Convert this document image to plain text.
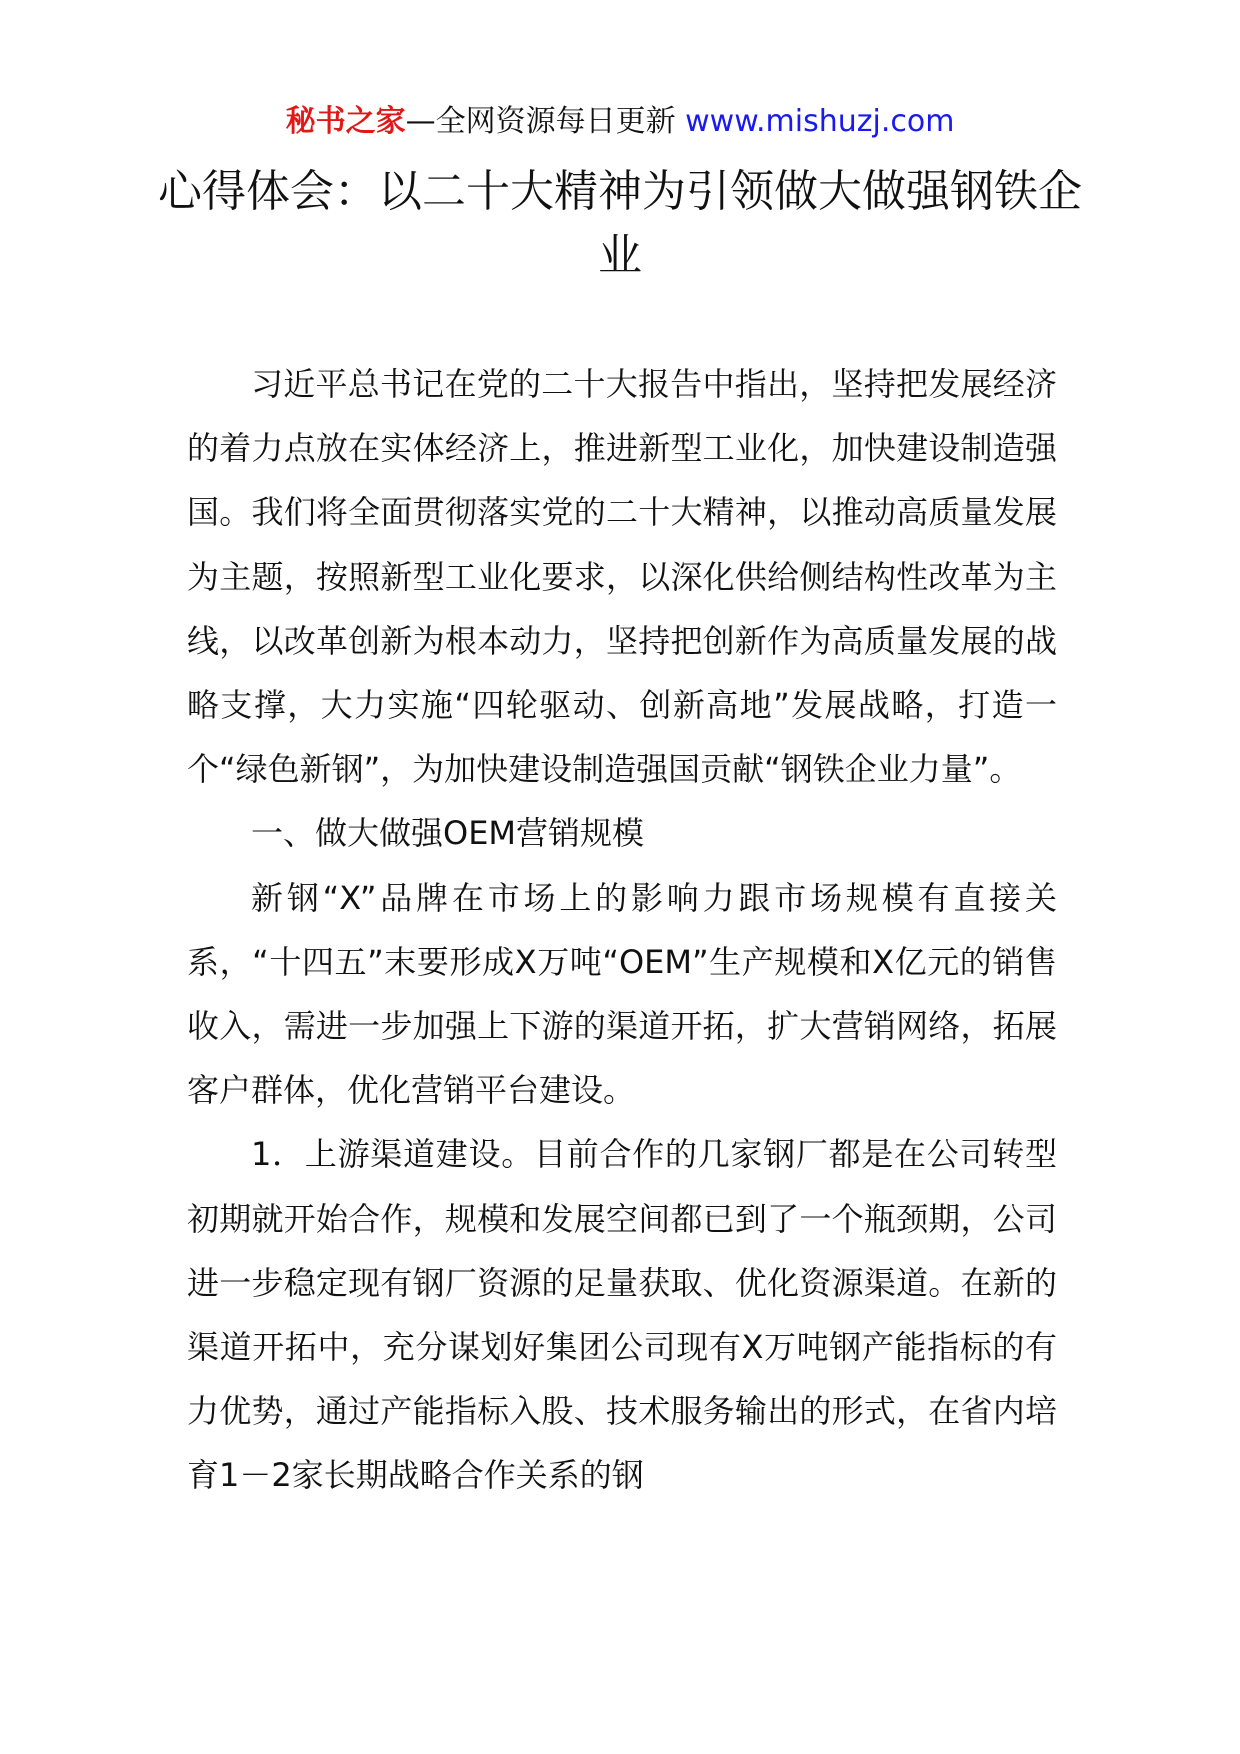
秘书之家—全网资源每日更新 www.mishuzj.com
心得体会：以二十大精神为引领做大做强钢铁企业

习近平总书记在党的二十大报告中指出，坚持把发展经济的着力点放在实体经济上，推进新型工业化，加快建设制造强国。我们将全面贯彻落实党的二十大精神，以推动高质量发展为主题，按照新型工业化要求，以深化供给侧结构性改革为主线，以改革创新为根本动力，坚持把创新作为高质量发展的战略支撑，大力实施“四轮驱动、创新高地”发展战略，打造一个“绿色新钢”，为加快建设制造强国贡献“钢铁企业力量”。

一、做大做强OEM营销规模

新钢“X”品牌在市场上的影响力跟市场规模有直接关系，“十四五”末要形成X万吨“OEM”生产规模和X亿元的销售收入，需进一步加强上下游的渠道开拓，扩大营销网络，拓展客户群体，优化营销平台建设。

1．上游渠道建设。目前合作的几家钢厂都是在公司转型初期就开始合作，规模和发展空间都已到了一个瓶颈期，公司进一步稳定现有钢厂资源的足量获取、优化资源渠道。在新的渠道开拓中，充分谋划好集团公司现有X万吨钢产能指标的有力优势，通过产能指标入股、技术服务输出的形式，在省内培育1－2家长期战略合作关系的钢
